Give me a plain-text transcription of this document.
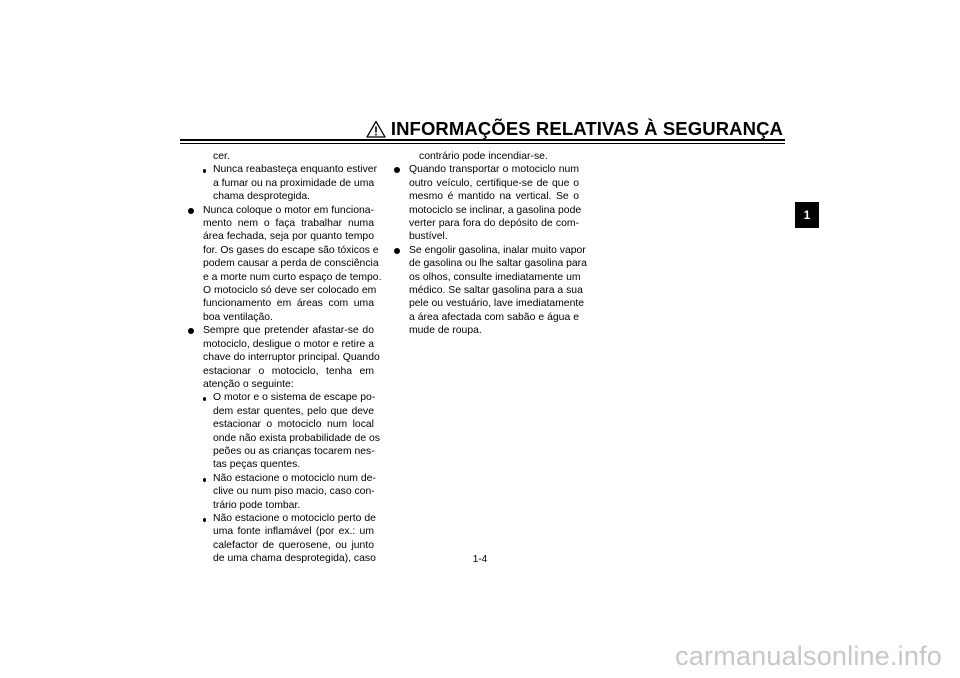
INFORMAÇÕES RELATIVAS À SEGURANÇA
1
cer.
Nunca reabasteça enquanto estiver
a fumar ou na proximidade de uma
chama desprotegida.
Nunca coloque o motor em funciona-
mento nem o faça trabalhar numa
área fechada, seja por quanto tempo
for. Os gases do escape são tóxicos e
podem causar a perda de consciência
e a morte num curto espaço de tempo.
O motociclo só deve ser colocado em
funcionamento em áreas com uma
boa ventilação.
Sempre que pretender afastar-se do
motociclo, desligue o motor e retire a
chave do interruptor principal. Quando
estacionar o motociclo, tenha em
atenção o seguinte:
O motor e o sistema de escape po-
dem estar quentes, pelo que deve
estacionar o motociclo num local
onde não exista probabilidade de os
peões ou as crianças tocarem nes-
tas peças quentes.
Não estacione o motociclo num de-
clive ou num piso macio, caso con-
trário pode tombar.
Não estacione o motociclo perto de
uma fonte inflamável (por ex.: um
calefactor de querosene, ou junto
de uma chama desprotegida), caso
contrário pode incendiar-se.
Quando transportar o motociclo num
outro veículo, certifique-se de que o
mesmo é mantido na vertical. Se o
motociclo se inclinar, a gasolina pode
verter para fora do depósito de com-
bustível.
Se engolir gasolina, inalar muito vapor
de gasolina ou lhe saltar gasolina para
os olhos, consulte imediatamente um
médico. Se saltar gasolina para a sua
pele ou vestuário, lave imediatamente
a área afectada com sabão e água e
mude de roupa.
1-4
carmanualsonline.info
